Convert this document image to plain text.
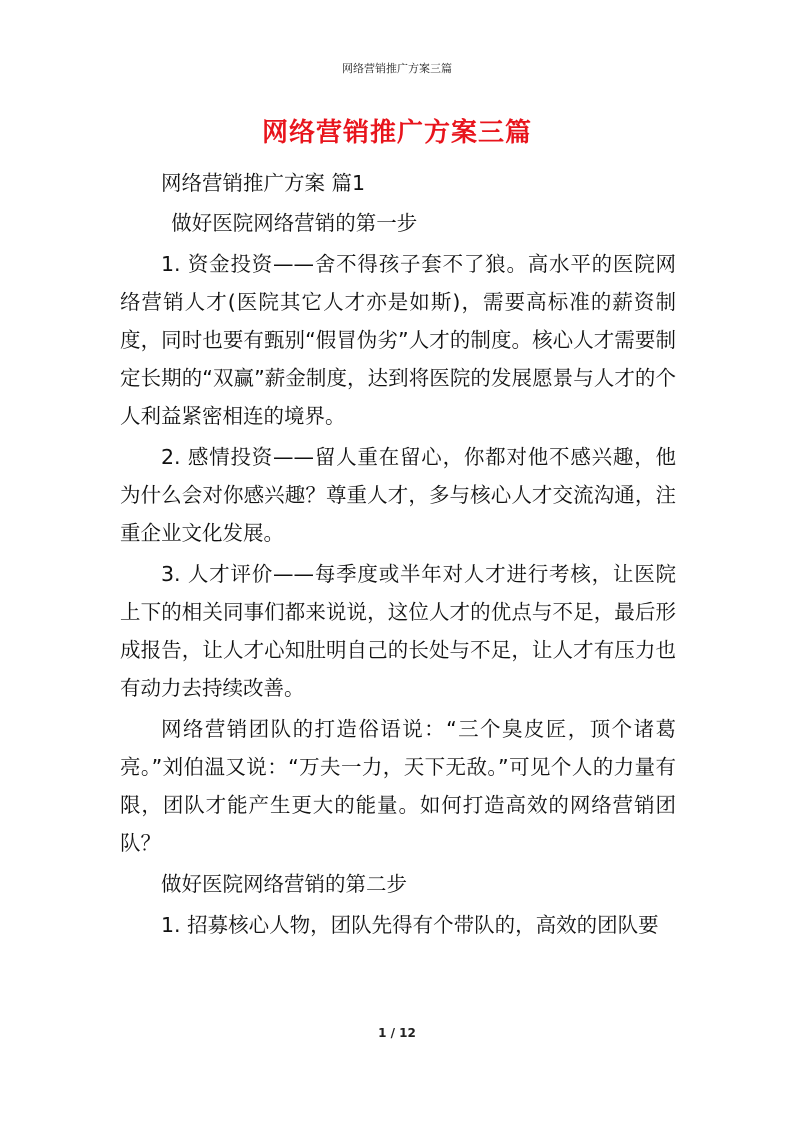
网络营销推广方案三篇
网络营销推广方案三篇

网络营销推广方案 篇1

做好医院网络营销的第一步

1. 资金投资——舍不得孩子套不了狼。高水平的医院网络营销人才(医院其它人才亦是如斯)，需要高标准的薪资制度，同时也要有甄别“假冒伪劣”人才的制度。核心人才需要制定长期的“双赢”薪金制度，达到将医院的发展愿景与人才的个人利益紧密相连的境界。

2. 感情投资——留人重在留心，你都对他不感兴趣，他为什么会对你感兴趣？尊重人才，多与核心人才交流沟通，注重企业文化发展。

3. 人才评价——每季度或半年对人才进行考核，让医院上下的相关同事们都来说说，这位人才的优点与不足，最后形成报告，让人才心知肚明自己的长处与不足，让人才有压力也有动力去持续改善。

网络营销团队的打造俗语说：“三个臭皮匠，顶个诸葛亮。”刘伯温又说：“万夫一力，天下无敌。”可见个人的力量有限，团队才能产生更大的能量。如何打造高效的网络营销团队？

做好医院网络营销的第二步

1. 招募核心人物，团队先得有个带队的，高效的团队要

1 / 12
